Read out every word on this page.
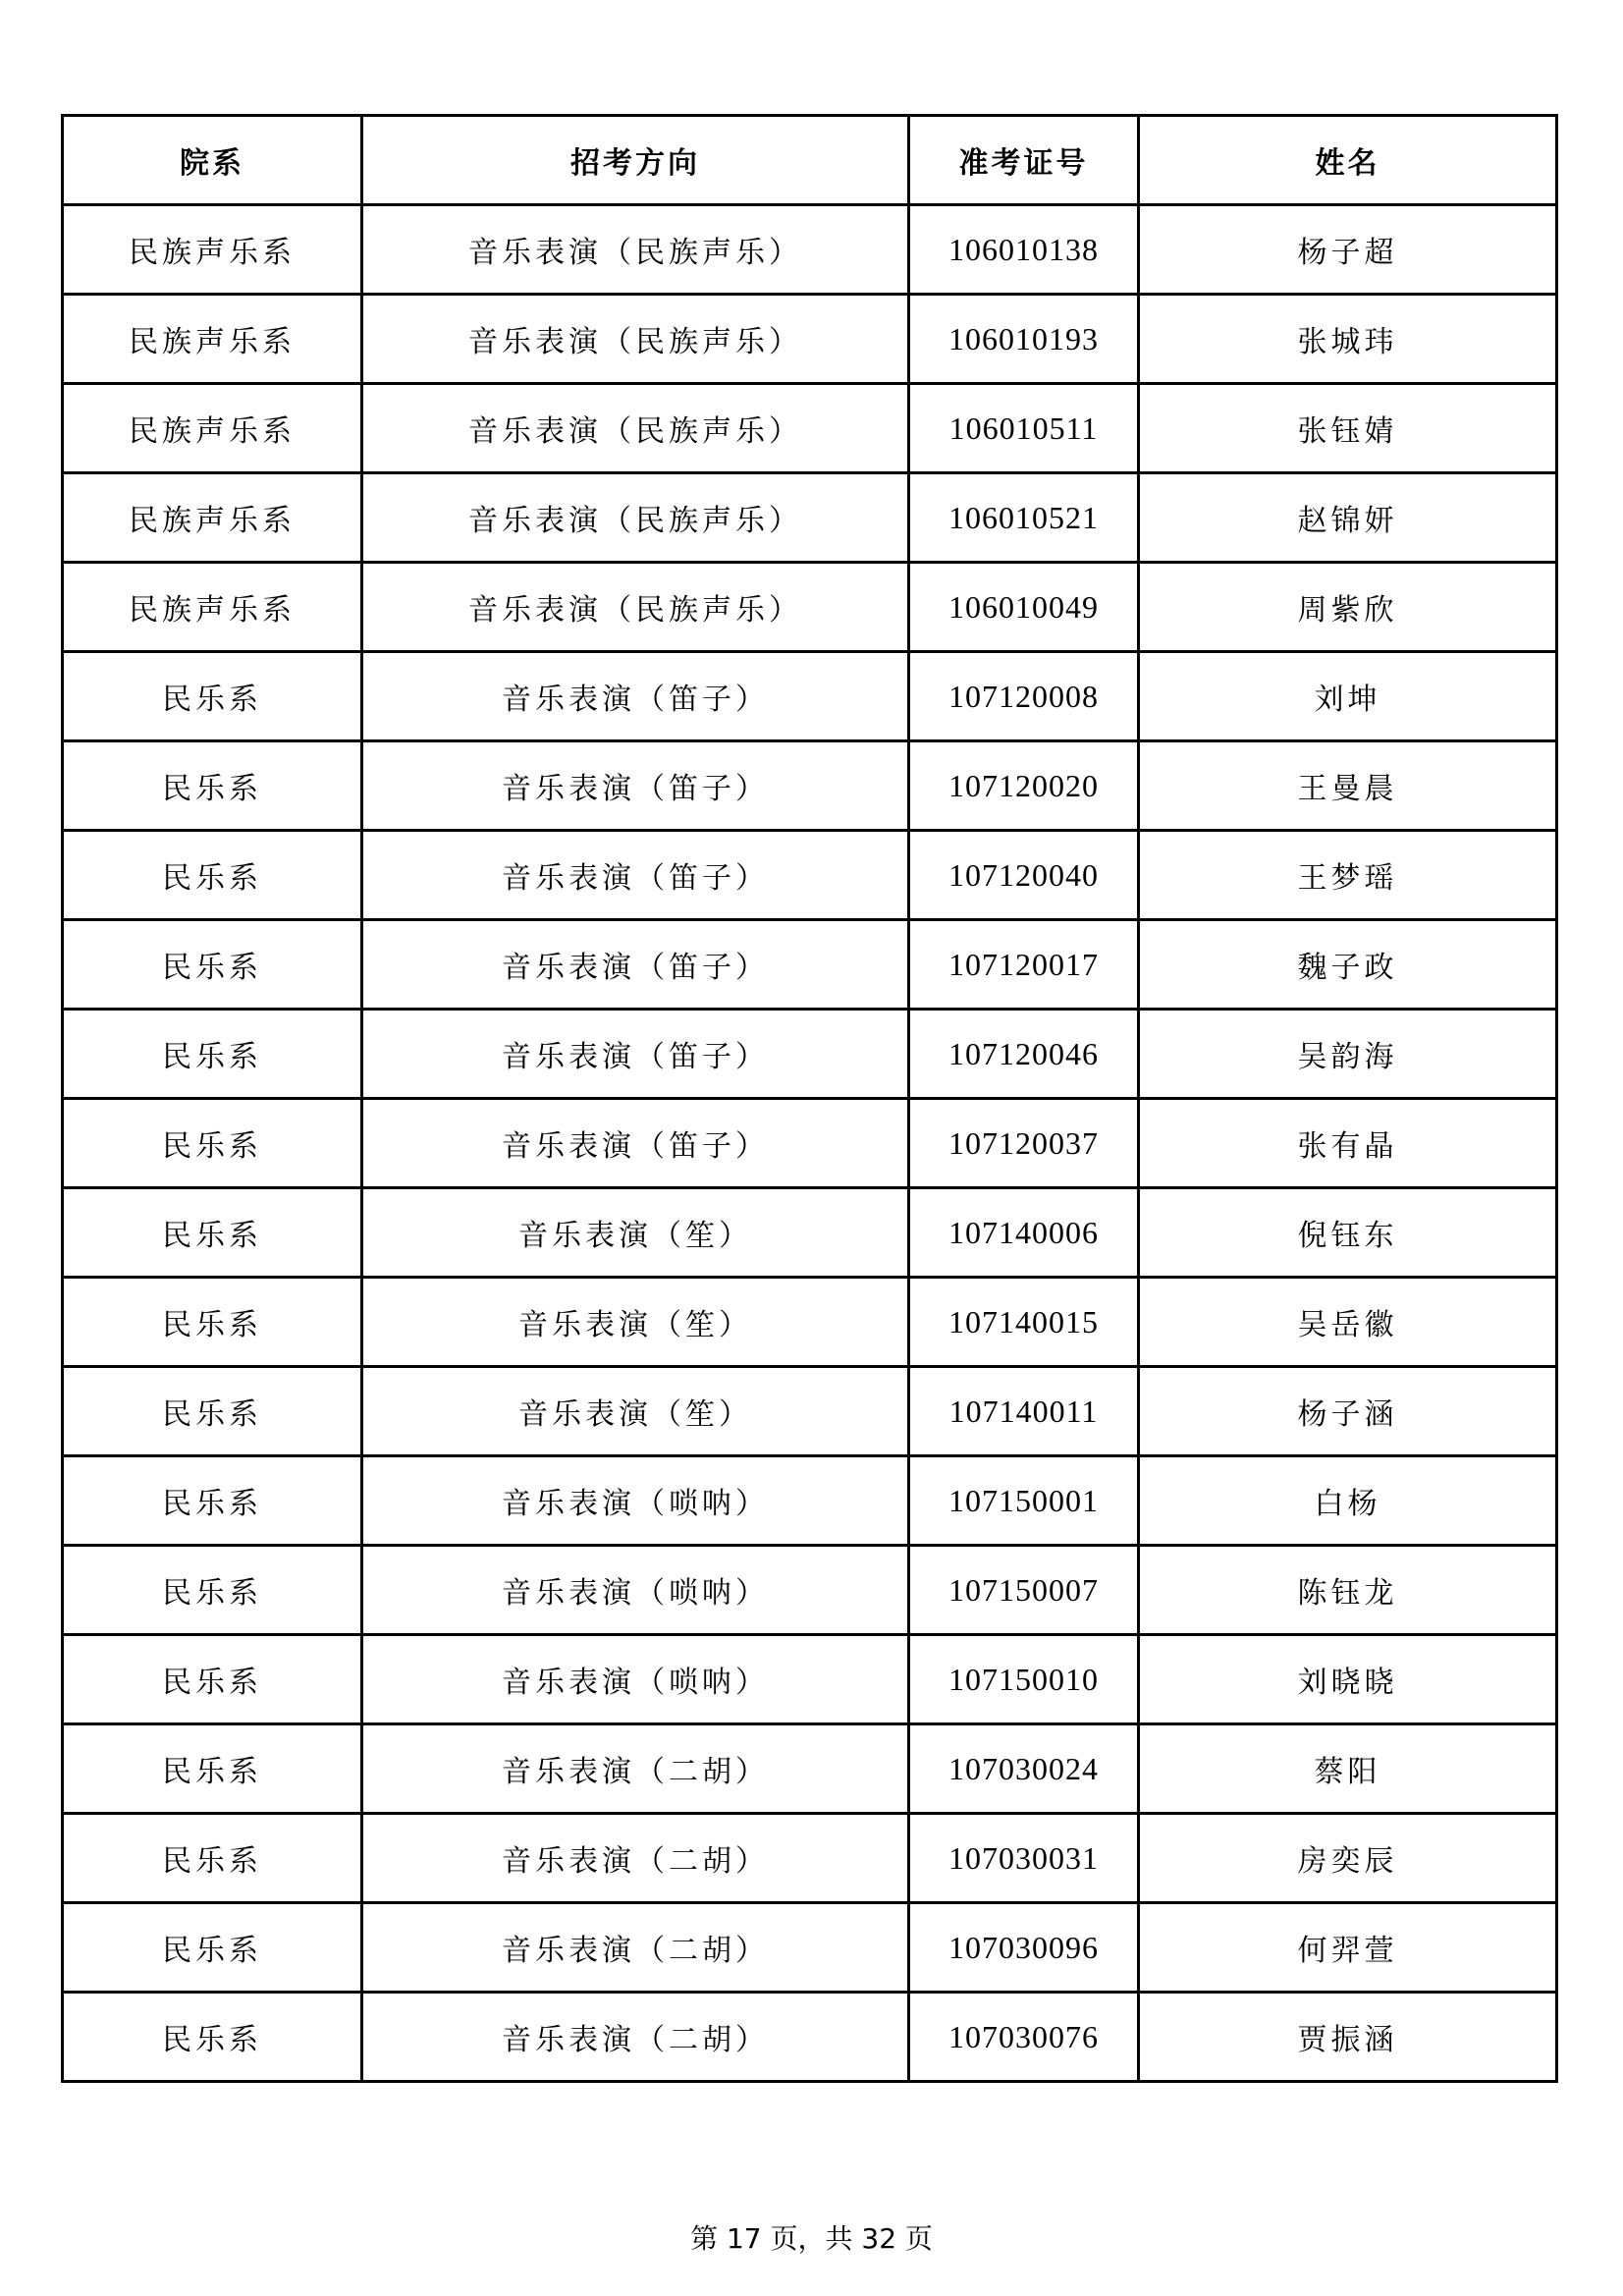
院系	招考方向	准考证号	姓名
民族声乐系	音乐表演（民族声乐）	106010138	杨子超
民族声乐系	音乐表演（民族声乐）	106010193	张城玮
民族声乐系	音乐表演（民族声乐）	106010511	张钰婧
民族声乐系	音乐表演（民族声乐）	106010521	赵锦妍
民族声乐系	音乐表演（民族声乐）	106010049	周紫欣
民乐系	音乐表演（笛子）	107120008	刘坤
民乐系	音乐表演（笛子）	107120020	王曼晨
民乐系	音乐表演（笛子）	107120040	王梦瑶
民乐系	音乐表演（笛子）	107120017	魏子政
民乐系	音乐表演（笛子）	107120046	吴韵海
民乐系	音乐表演（笛子）	107120037	张有晶
民乐系	音乐表演（笙）	107140006	倪钰东
民乐系	音乐表演（笙）	107140015	吴岳徽
民乐系	音乐表演（笙）	107140011	杨子涵
民乐系	音乐表演（唢呐）	107150001	白杨
民乐系	音乐表演（唢呐）	107150007	陈钰龙
民乐系	音乐表演（唢呐）	107150010	刘晓晓
民乐系	音乐表演（二胡）	107030024	蔡阳
民乐系	音乐表演（二胡）	107030031	房奕辰
民乐系	音乐表演（二胡）	107030096	何羿萱
民乐系	音乐表演（二胡）	107030076	贾振涵
第 17 页，共 32 页
